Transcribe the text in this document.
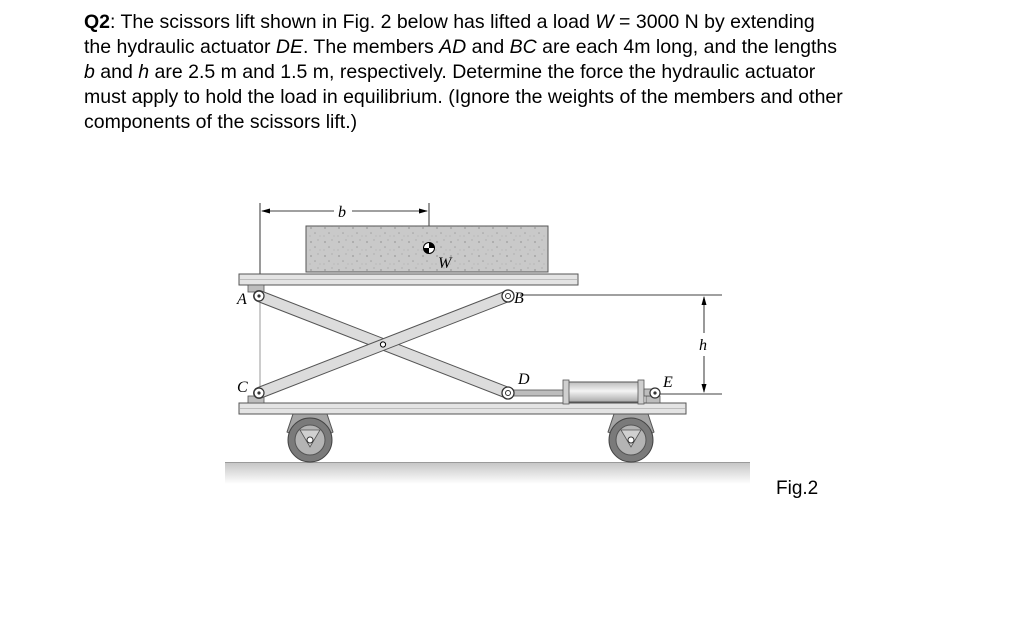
Q2: The scissors lift shown in Fig. 2 below has lifted a load W = 3000 N by extending
the hydraulic actuator DE. The members AD and BC are each 4m long, and the lengths
b and h are 2.5 m and 1.5 m, respectively. Determine the force the hydraulic actuator
must apply to hold the load in equilibrium. (Ignore the weights of the members and other
components of the scissors lift.)
b
h
W
A	B
C	D	E
Fig.2
